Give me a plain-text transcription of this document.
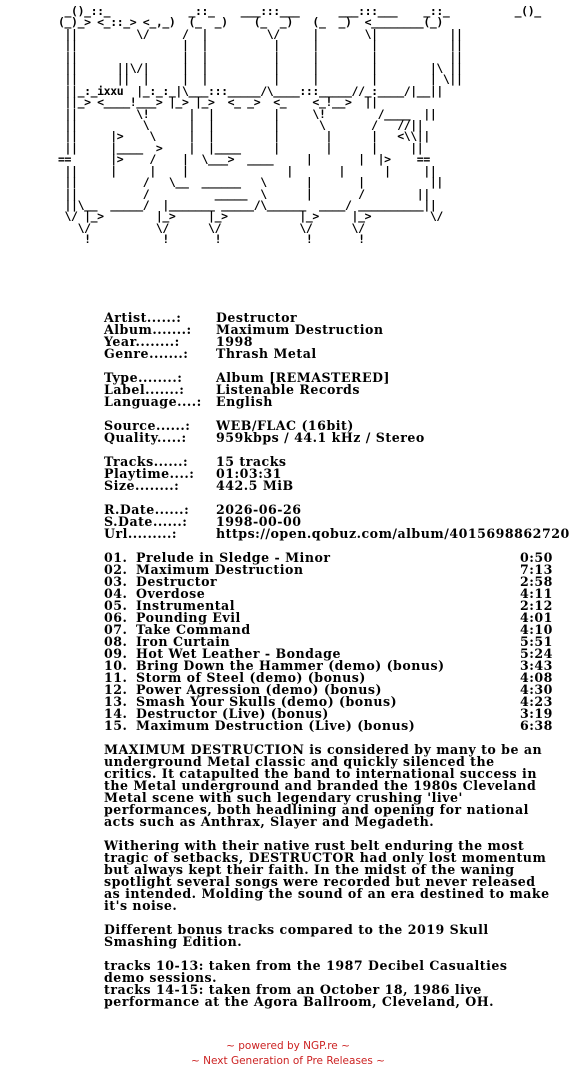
_()_::_            _::_    ___:::___      ___:::___    _::_          _()_
(_)_> <_::_> <_,_)  (_  _)    (_  _)   (_  _)  <________(_)
||         \/     /  |         \/     |       \|           ||
||                |  |          |     |        |           ||
||                |  |          |     |        |           ||
||      ||\/|     |  |          |     |        |        |\ ||
||      ||  |     |  |          |     |        |        | \||
||_:_ixxu  |_:_:_|\___:::_____/\____:::_____//_:____/|__||
||_> <____!___> |_> |_>  <_ _>  <_    <_!__>  ||
||         \!      |  |         |     \!        /____  ||
||          \      |  |         |      \       /   //||
||     |>    \     |  |         |       |      |   <\\||
||     |____  >    |  |____     |       |      |     ||
==      |>    /    |  \___>  ____     |       |  |>    ==
||     |     |    |               |       |      |     ||
||          /   \__  ______   \      |       |          ||
||          /          _____  \      |       /        ||
||\__  _____/  |_______ _____/\______  ____/ __________||
\/ |_>        |_>     |_>           |_>     |_>         \/
\/          \/      \/            \/      \/
!           !       !             !       !
Artist......:	Destructor
Album.......: Maximum Destruction
Year........:	1998
Genre.......: Thrash Metal
Type........:	Album [REMASTERED]
Label.......:	Listenable Records
Language....: English
Source......: WEB/FLAC (16bit)
Quality.....: 959kbps / 44.1 kHz / Stereo
Tracks......: 15 tracks
Playtime....: 01:03:31
Size........:	442.5 MiB
R.Date......: 2026-06-26
S.Date......: 1998-00-00
Url.........:	https://open.qobuz.com/album/4015698862720
01. Prelude in Sledge - Minor	0:50
02. Maximum Destruction	7:13
03. Destructor	2:58
04. Overdose	4:11
05. Instrumental	2:12
06. Pounding Evil	4:01
07. Take Command	4:10
08. Iron Curtain	5:51
09. Hot Wet Leather - Bondage	5:24
10. Bring Down the Hammer (demo) (bonus)	3:43
11. Storm of Steel (demo) (bonus)	4:08
12. Power Agression (demo) (bonus)	4:30
13. Smash Your Skulls (demo) (bonus)	4:23
14. Destructor (Live) (bonus)	3:19
15. Maximum Destruction (Live) (bonus)	6:38
MAXIMUM DESTRUCTION is considered by many to be an underground Metal classic and quickly silenced the critics. It catapulted the band to international success in the Metal underground and branded the 1980s Cleveland Metal scene with such legendary crushing 'live' performances, both headlining and opening for national acts such as Anthrax, Slayer and Megadeth.
Withering with their native rust belt enduring the most tragic of setbacks, DESTRUCTOR had only lost momentum but always kept their faith. In the midst of the waning spotlight several songs were recorded but never released as intended. Molding the sound of an era destined to make it's noise.
Different bonus tracks compared to the 2019 Skull Smashing Edition.
tracks 10-13: taken from the 1987 Decibel Casualties demo sessions.
tracks 14-15: taken from an October 18, 1986 live performance at the Agora Ballroom, Cleveland, OH.
~ powered by NGP.re ~
~ Next Generation of Pre Releases ~
